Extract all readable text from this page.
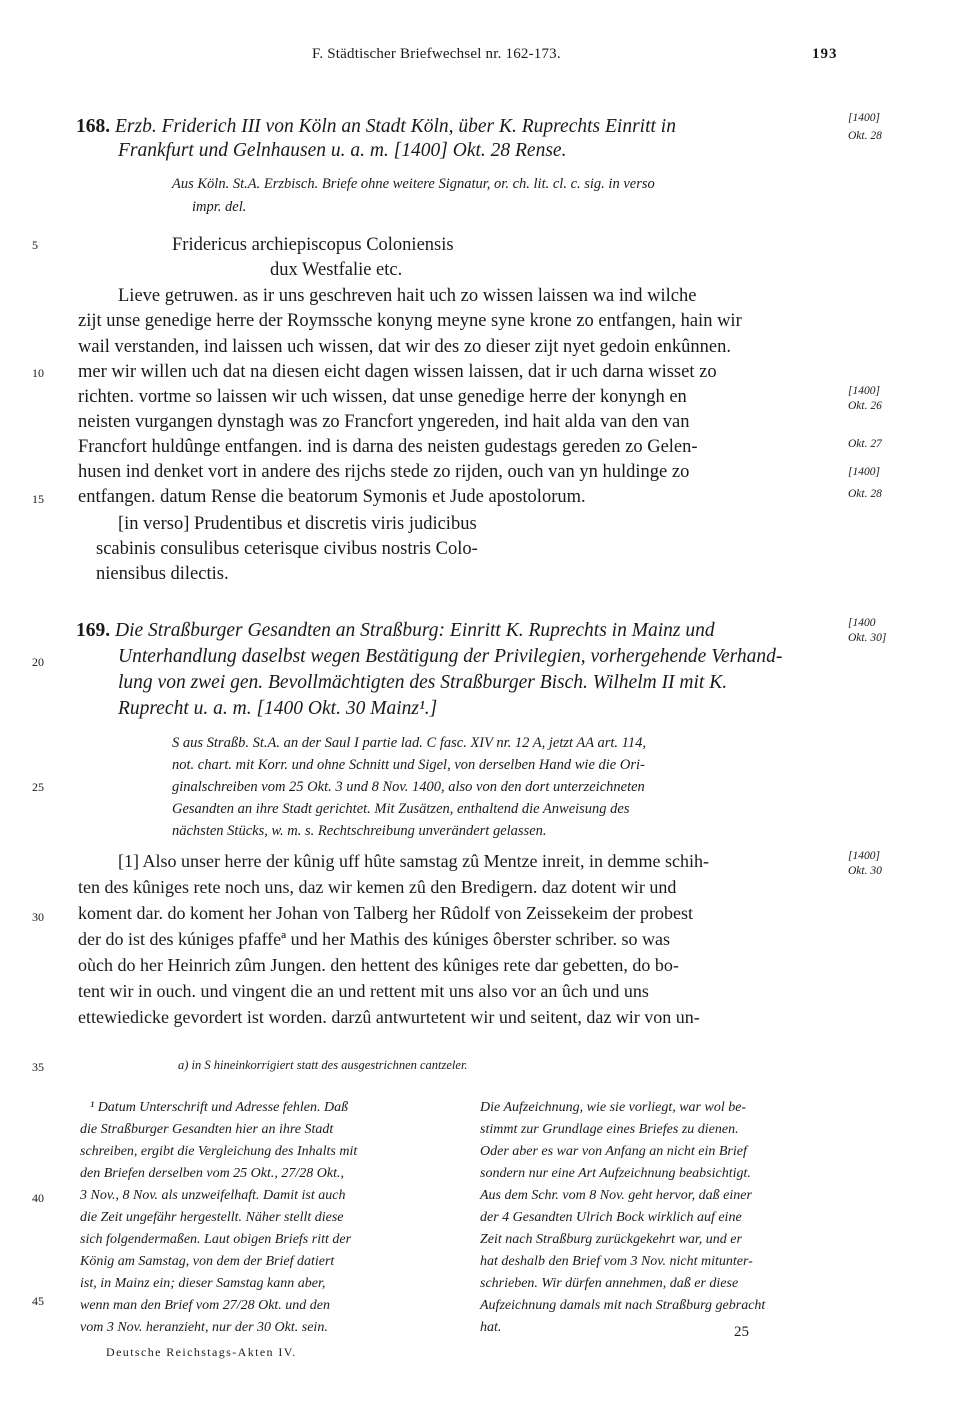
F. Städtischer Briefwechsel nr. 162-173.	193
5
10
15
20
25
30
35
40
45
168. Erzb. Friderich III von Köln an Stadt Köln, über K. Ruprechts Einritt in
Frankfurt und Gelnhausen u. a. m. [1400] Okt. 28 Rense.
Aus Köln. St.A. Erzbisch. Briefe ohne weitere Signatur, or. ch. lit. cl. c. sig. in verso
impr. del.
Fridericus archiepiscopus Coloniensis
dux Westfalie etc.
Lieve getruwen. as ir uns geschreven hait uch zo wissen laissen wa ind wilche
zijt unse genedige herre der Roymssche konyng meyne syne krone zo entfangen, hain wir
wail verstanden, ind laissen uch wissen, dat wir des zo dieser zijt nyet gedoin enkûnnen.
mer wir willen uch dat na diesen eicht dagen wissen laissen, dat ir uch darna wisset zo
richten. vortme so laissen wir uch wissen, dat unse genedige herre der konyngh en
neisten vurgangen dynstagh was zo Francfort yngereden, ind hait alda van den van
Francfort huldûnge entfangen. ind is darna des neisten gudestags gereden zo Gelen-
husen ind denket vort in andere des rijchs stede zo rijden, ouch van yn huldinge zo
entfangen. datum Rense die beatorum Symonis et Jude apostolorum.
[in verso] Prudentibus et discretis viris judicibus
scabinis consulibus ceterisque civibus nostris Colo-
niensibus dilectis.
[1400]
Okt. 28
[1400]
Okt. 26
Okt. 27
[1400]
Okt. 28
169. Die Straßburger Gesandten an Straßburg: Einritt K. Ruprechts in Mainz und
Unterhandlung daselbst wegen Bestätigung der Privilegien, vorhergehende Verhand-
lung von zwei gen. Bevollmächtigten des Straßburger Bisch. Wilhelm II mit K.
Ruprecht u. a. m. [1400 Okt. 30 Mainz¹.]
S aus Straßb. St.A. an der Saul I partie lad. C fasc. XIV nr. 12 A, jetzt AA art. 114,
not. chart. mit Korr. und ohne Schnitt und Sigel, von derselben Hand wie die Ori-
ginalschreiben vom 25 Okt. 3 und 8 Nov. 1400, also von den dort unterzeichneten
Gesandten an ihre Stadt gerichtet. Mit Zusätzen, enthaltend die Anweisung des
nächsten Stücks, w. m. s. Rechtschreibung unverändert gelassen.
[1400
Okt. 30]
[1400]
Okt. 30
[1] Also unser herre der kûnig uff hûte samstag zû Mentze inreit, in demme schih-
ten des kûniges rete noch uns, daz wir kemen zû den Bredigern. daz dotent wir und
koment dar. do koment her Johan von Talberg her Rûdolf von Zeissekeim der probest
der do ist des kúniges pfaffeª und her Mathis des kúniges ôberster schriber. so was
oùch do her Heinrich zûm Jungen. den hettent des kûniges rete dar gebetten, do bo-
tent wir in ouch. und vingent die an und rettent mit uns also vor an ûch und uns
ettewiedicke gevordert ist worden. darzû antwurtetent wir und seitent, daz wir von un-
a) in S hineinkorrigiert statt des ausgestrichnen cantzeler.
¹ Datum Unterschrift und Adresse fehlen. Daß
die Straßburger Gesandten hier an ihre Stadt
schreiben, ergibt die Vergleichung des Inhalts mit
den Briefen derselben vom 25 Okt., 27/28 Okt.,
3 Nov., 8 Nov. als unzweifelhaft. Damit ist auch
die Zeit ungefähr hergestellt. Näher stellt diese
sich folgendermaßen. Laut obigen Briefs ritt der
König am Samstag, von dem der Brief datiert
ist, in Mainz ein; dieser Samstag kann aber,
wenn man den Brief vom 27/28 Okt. und den
vom 3 Nov. heranzieht, nur der 30 Okt. sein.
Die Aufzeichnung, wie sie vorliegt, war wol be-
stimmt zur Grundlage eines Briefes zu dienen.
Oder aber es war von Anfang an nicht ein Brief
sondern nur eine Art Aufzeichnung beabsichtigt.
Aus dem Schr. vom 8 Nov. geht hervor, daß einer
der 4 Gesandten Ulrich Bock wirklich auf eine
Zeit nach Straßburg zurückgekehrt war, und er
hat deshalb den Brief vom 3 Nov. nicht mitunter-
schrieben. Wir dürfen annehmen, daß er diese
Aufzeichnung damals mit nach Straßburg gebracht
hat.
Deutsche Reichstags-Akten IV.
25
